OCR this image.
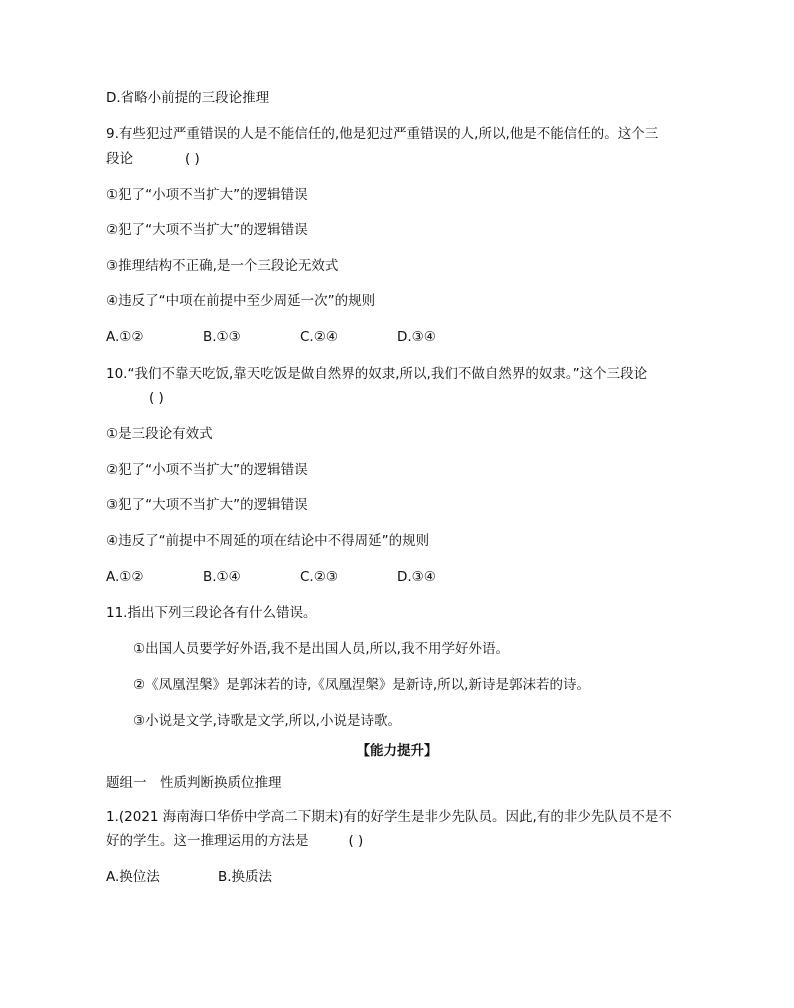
D.省略小前提的三段论推理
9.有些犯过严重错误的人是不能信任的,他是犯过严重错误的人,所以,他是不能信任的。这个三
段论	( )
①犯了“小项不当扩大”的逻辑错误
②犯了“大项不当扩大”的逻辑错误
③推理结构不正确,是一个三段论无效式
④违反了“中项在前提中至少周延一次”的规则
A.①②	B.①③	C.②④	D.③④
10.“我们不靠天吃饭,靠天吃饭是做自然界的奴隶,所以,我们不做自然界的奴隶。”这个三段论
( )
①是三段论有效式
②犯了“小项不当扩大”的逻辑错误
③犯了“大项不当扩大”的逻辑错误
④违反了“前提中不周延的项在结论中不得周延”的规则
A.①②	B.①④	C.②③	D.③④
11.指出下列三段论各有什么错误。
①出国人员要学好外语,我不是出国人员,所以,我不用学好外语。
②《凤凰涅槃》是郭沫若的诗,《凤凰涅槃》是新诗,所以,新诗是郭沫若的诗。
③小说是文学,诗歌是文学,所以,小说是诗歌。
【能力提升】
题组一　性质判断换质位推理
1.(2021 海南海口华侨中学高二下期末)有的好学生是非少先队员。因此,有的非少先队员不是不
好的学生。这一推理运用的方法是	( )
A.换位法	B.换质法
